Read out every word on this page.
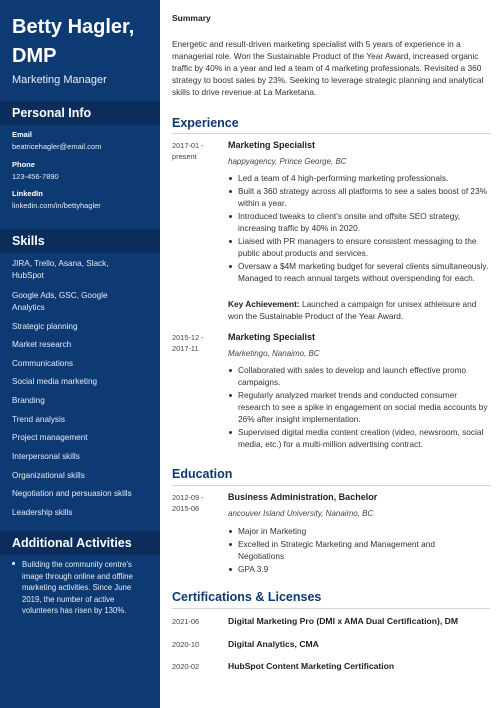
Betty Hagler, DMP
Marketing Manager
Personal Info
Email
beatricehagler@email.com
Phone
123-456-7890
LinkedIn
linkedin.com/in/bettyhagler
Skills
JIRA, Trello, Asana, Slack, HubSpot
Google Ads, GSC, Google Analytics
Strategic planning
Market research
Communications
Social media marketing
Branding
Trend analysis
Project management
Interpersonal skills
Organizational skills
Negotiation and persuasion skills
Leadership skills
Additional Activities
Building the community centre's image through online and offline marketing activities. Since June 2019, the number of active volunteers has risen by 130%.
Summary
Energetic and result-driven marketing specialist with 5 years of experience in a managerial role. Won the Sustainable Product of the Year Award, increased organic traffic by 40% in a year and led a team of 4 marketing professionals. Revisited a 360 strategy to boost sales by 23%. Seeking to leverage strategic planning and analytical skills to drive revenue at La Marketana.
Experience
2017-01 - present
Marketing Specialist
happyagency, Prince George, BC
Led a team of 4 high-performing marketing professionals.
Built a 360 strategy across all platforms to see a sales boost of 23% within a year.
Introduced tweaks to client's onsite and offsite SEO strategy, increasing traffic by 40% in 2020.
Liaised with PR managers to ensure consistent messaging to the public about products and services.
Oversaw a $4M marketing budget for several clients simultaneously. Managed to reach annual targets without overspending for each.
Key Achievement: Launched a campaign for unisex athleisure and won the Sustainable Product of the Year Award.
2015-12 - 2017-11
Marketing Specialist
Marketingo, Nanaimo, BC
Collaborated with sales to develop and launch effective promo campaigns.
Regularly analyzed market trends and conducted consumer research to see a spike in engagement on social media accounts by 26% after insight implementation.
Supervised digital media content creation (video, newsroom, social media, etc.) for a multi-million advertising contract.
Education
2012-09 - 2015-06
Business Administration, Bachelor
ancouver Island University, Nanaimo, BC
Major in Marketing
Excelled in Strategic Marketing and Management and Negotiations
GPA 3.9
Certifications & Licenses
2021-06	Digital Marketing Pro (DMI x AMA Dual Certification), DM
2020-10	Digital Analytics, CMA
2020-02	HubSpot Content Marketing Certification
